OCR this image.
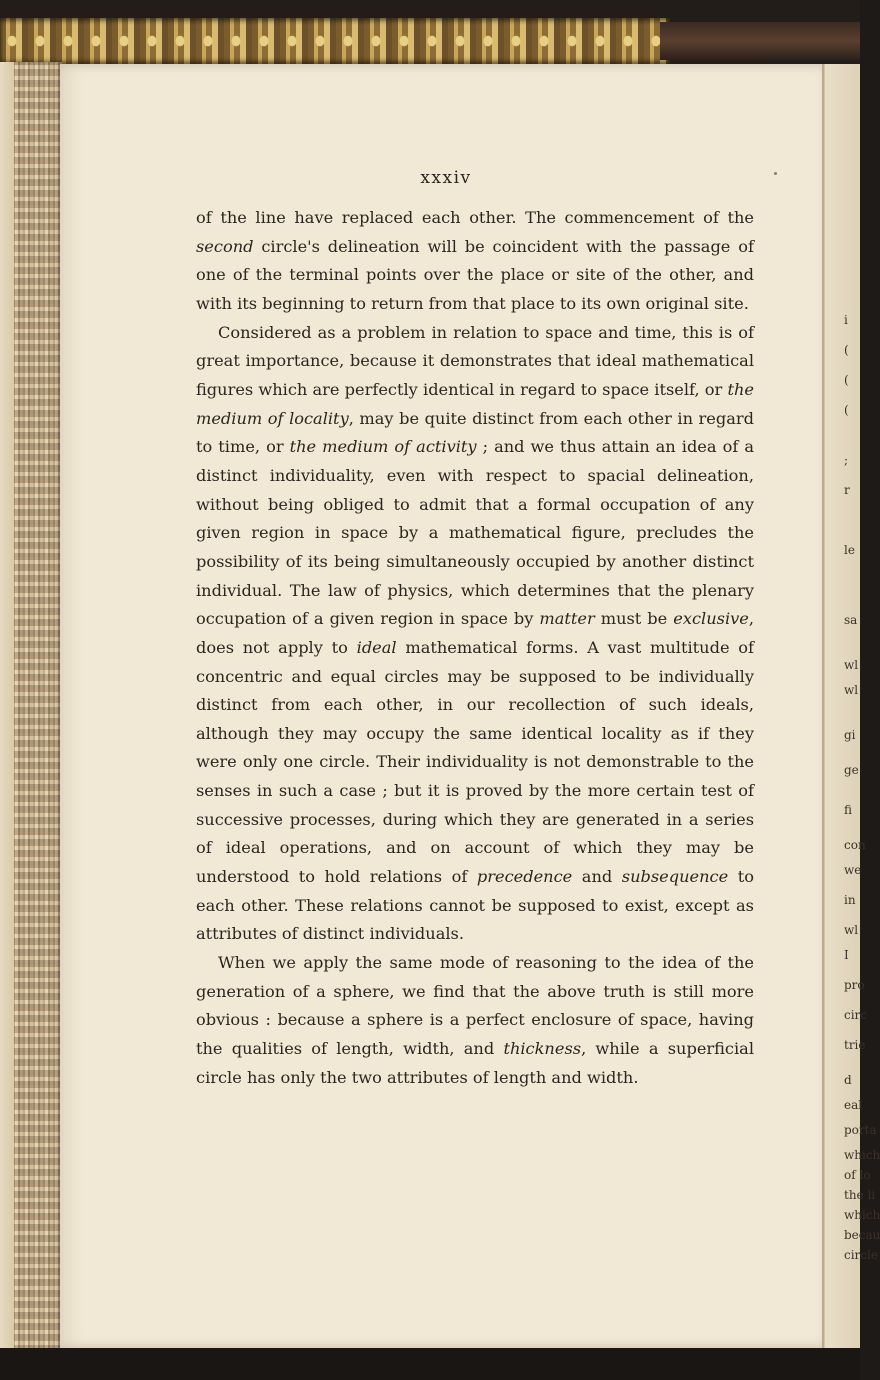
i
(
(
(
;
r
le
sa
wl
wl
gi
ge
fi
con
we
in
wl
I
pro
circ
trie
d
eal
porta
which
of lo
the li
which
becau
circle
xxxiv

of the line have replaced each other. The commencement of the second circle's delineation will be coincident with the passage of one of the terminal points over the place or site of the other, and with its beginning to return from that place to its own original site.

Considered as a problem in relation to space and time, this is of great importance, because it demonstrates that ideal mathematical figures which are perfectly identical in regard to space itself, or the medium of locality, may be quite distinct from each other in regard to time, or the medium of activity ; and we thus attain an idea of a distinct individuality, even with respect to spacial delineation, without being obliged to admit that a formal occupation of any given region in space by a mathematical figure, precludes the possibility of its being simultaneously occupied by another distinct individual. The law of physics, which determines that the plenary occupation of a given region in space by matter must be exclusive, does not apply to ideal mathematical forms. A vast multitude of concentric and equal circles may be supposed to be individually distinct from each other, in our recollection of such ideals, although they may occupy the same identical locality as if they were only one circle. Their individuality is not demonstrable to the senses in such a case ; but it is proved by the more certain test of successive processes, during which they are generated in a series of ideal operations, and on account of which they may be understood to hold relations of precedence and subsequence to each other. These relations cannot be supposed to exist, except as attributes of distinct individuals.

When we apply the same mode of reasoning to the idea of the generation of a sphere, we find that the above truth is still more obvious : because a sphere is a perfect enclosure of space, having the qualities of length, width, and thickness, while a superficial circle has only the two attributes of length and width.
